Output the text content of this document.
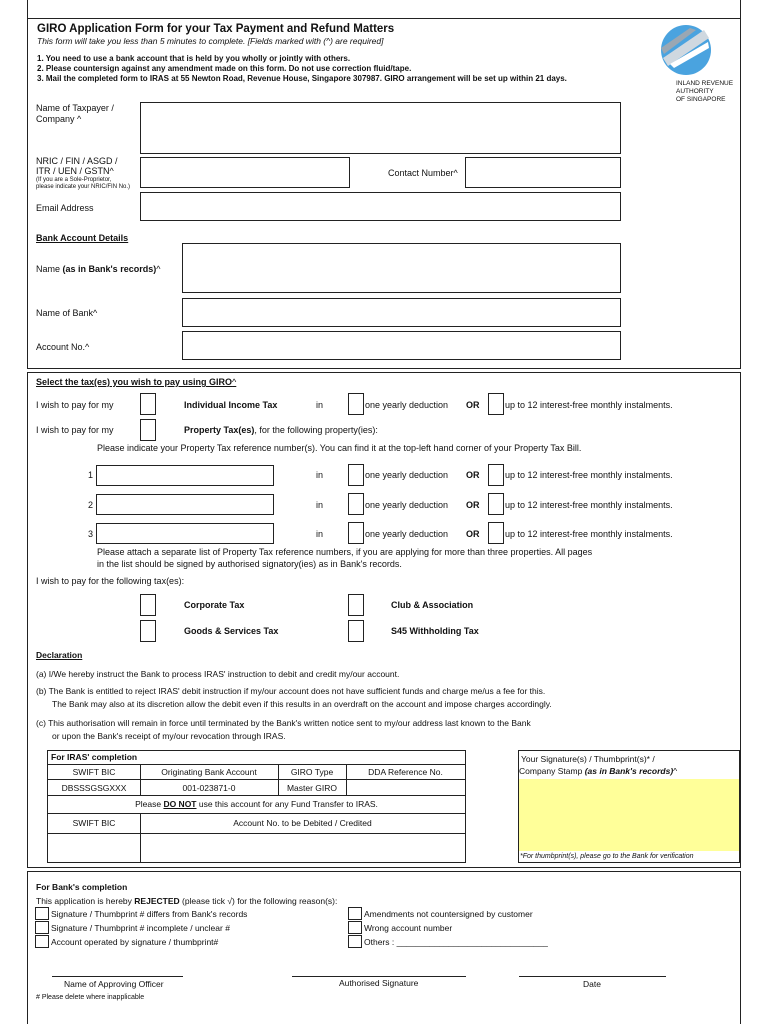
GIRO Application Form for your Tax Payment and Refund Matters
This form will take you less than 5 minutes to complete. [Fields marked with (^) are required]
1. You need to use a bank account that is held by you wholly or jointly with others.
2. Please countersign against any amendment made on this form. Do not use correction fluid/tape.
3. Mail the completed form to IRAS at 55 Newton Road, Revenue House, Singapore 307987. GIRO arrangement will be set up within 21 days.
INLAND REVENUE
AUTHORITY
OF SINGAPORE
Name of Taxpayer /
Company ^
NRIC / FIN / ASGD /
ITR / UEN / GSTN^
(If you are a Sole-Proprietor,
please indicate your NRIC/FIN No.)
Contact Number^
Email Address
Bank Account Details
Name (as in Bank's records)^
Name of Bank^
Account No.^
Select the tax(es) you wish to pay using GIRO^
I wish to pay for my	Individual Income Tax	in	one yearly deduction OR	up to 12 interest-free monthly instalments.
I wish to pay for my	Property Tax(es), for the following property(ies):
Please indicate your Property Tax reference number(s). You can find it at the top-left hand corner of your Property Tax Bill.
1	in	one yearly deduction OR	up to 12 interest-free monthly instalments.
2	in	one yearly deduction OR	up to 12 interest-free monthly instalments.
3	in	one yearly deduction OR	up to 12 interest-free monthly instalments.
Please attach a separate list of Property Tax reference numbers, if you are applying for more than three properties. All pages
in the list should be signed by authorised signatory(ies) as in Bank's records.
I wish to pay for the following tax(es):
Corporate Tax	Club & Association
Goods & Services Tax	S45 Withholding Tax
Declaration
(a) I/We hereby instruct the Bank to process IRAS' instruction to debit and credit my/our account.
(b) The Bank is entitled to reject IRAS' debit instruction if my/our account does not have sufficient funds and charge me/us a fee for this.
The Bank may also at its discretion allow the debit even if this results in an overdraft on the account and impose charges accordingly.
(c) This authorisation will remain in force until terminated by the Bank's written notice sent to my/our address last known to the Bank
or upon the Bank's receipt of my/our revocation through IRAS.
For IRAS' completion
SWIFT BIC	Originating Bank Account	GIRO Type	DDA Reference No.
DBSSSGSGXXX	001-023871-0	Master GIRO
Please DO NOT use this account for any Fund Transfer to IRAS.
SWIFT BIC	Account No. to be Debited / Credited
Your Signature(s) / Thumbprint(s)* /
Company Stamp (as in Bank's records)^
*For thumbprint(s), please go to the Bank for verification
For Bank's completion
This application is hereby REJECTED (please tick √) for the following reason(s):
Signature / Thumbprint # differs from Bank's records
Signature / Thumbprint # incomplete / unclear #
Account operated by signature / thumbprint#
Amendments not countersigned by customer
Wrong account number
Others : ________________________________
Name of Approving Officer	Authorised Signature	Date
# Please delete where inapplicable
